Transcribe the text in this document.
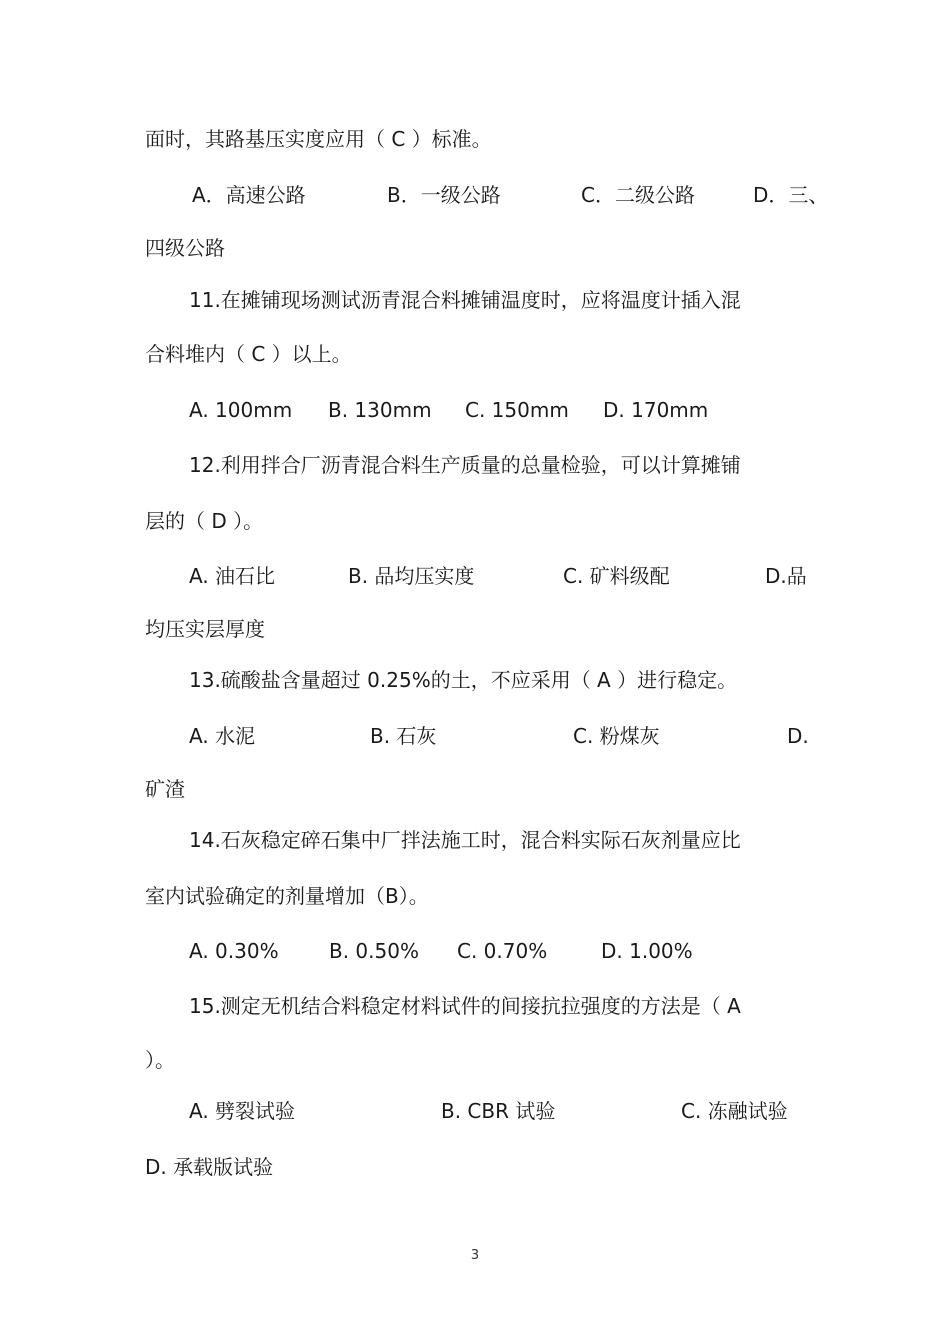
面时，其路基压实度应用（ C ）标准。
A．高速公路	B．一级公路	C．二级公路	D．三、
四级公路
11.在摊铺现场测试沥青混合料摊铺温度时，应将温度计插入混
合料堆内（ C ）以上。
A. 100mm B. 130mm C. 150mm D. 170mm
12.利用拌合厂沥青混合料生产质量的总量检验，可以计算摊铺
层的（ D ）。
A. 油石比	B. 品均压实度	C. 矿料级配	D.品
均压实层厚度
13.硫酸盐含量超过 0.25%的土，不应采用（ A ）进行稳定。
A. 水泥	B. 石灰	C. 粉煤灰	D.
矿渣
14.石灰稳定碎石集中厂拌法施工时，混合料实际石灰剂量应比
室内试验确定的剂量增加（B）。
A. 0.30%	B. 0.50% C. 0.70%	D. 1.00%
15.测定无机结合料稳定材料试件的间接抗拉强度的方法是（ A
）。
A. 劈裂试验	B. CBR 试验	C. 冻融试验
D. 承载版试验
3
